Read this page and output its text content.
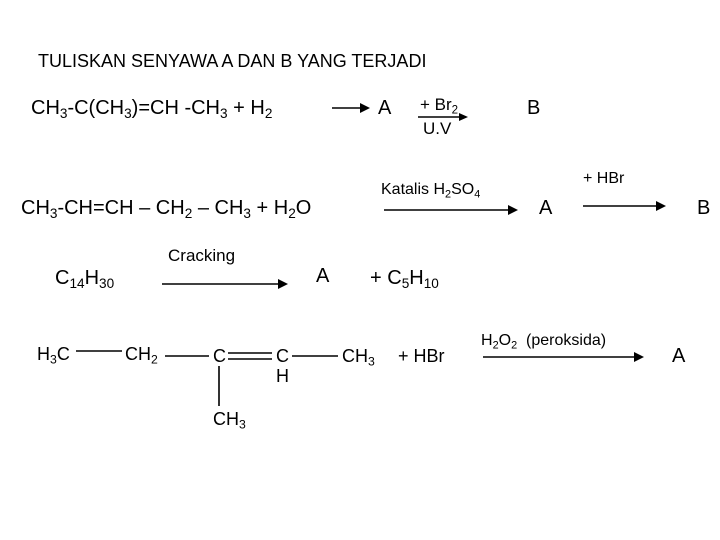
TULISKAN SENYAWA A DAN B YANG TERJADI
$CH_3-C(CH_3)=CH$ $-CH_3 + H_2$	$A + Br_2$
U.V
B
$CH_3-CH=CH - CH_2 - CH_3 + H_2O$
Katalis $H_2SO_4$
A
+ HBr
B
$C_{14}H_{30}$
Cracking
$A + C_5H_{10}$
$H_3C$	$CH_2$	C	C
H
$CH_3$
$CH_3$
+ HBr
$H_2O_2$  (peroksida)
A
